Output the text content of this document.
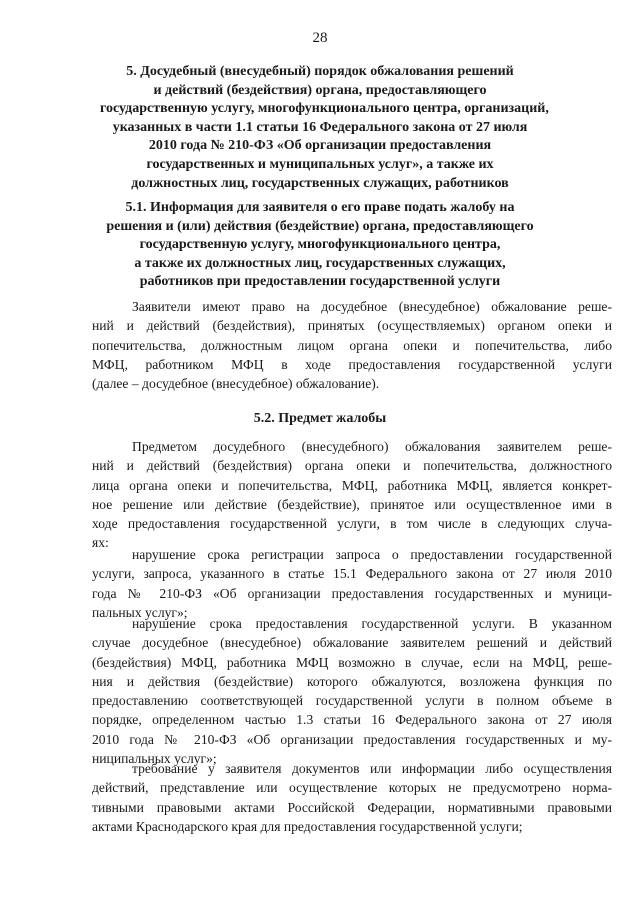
28
5. Досудебный (внесудебный) порядок обжалования решений
и действий (бездействия) органа, предоставляющего
государственную услугу, многофункционального центра, организаций,
указанных в части 1.1 статьи 16 Федерального закона от 27 июля
2010 года № 210-ФЗ «Об организации предоставления
государственных и муниципальных услуг», а также их
должностных лиц, государственных служащих, работников
5.1. Информация для заявителя о его праве подать жалобу на
решения и (или) действия (бездействие) органа, предоставляющего
государственную услугу, многофункционального центра,
а также их должностных лиц, государственных служащих,
работников при предоставлении государственной услуги
Заявители имеют право на досудебное (внесудебное) обжалование реше-
ний и действий (бездействия), принятых (осуществляемых) органом опеки и
попечительства, должностным лицом органа опеки и попечительства, либо
МФЦ, работником МФЦ в ходе предоставления государственной услуги
(далее – досудебное (внесудебное) обжалование).
5.2. Предмет жалобы
Предметом досудебного (внесудебного) обжалования заявителем реше-
ний и действий (бездействия) органа опеки и попечительства, должностного
лица органа опеки и попечительства, МФЦ, работника МФЦ, является конкрет-
ное решение или действие (бездействие), принятое или осуществленное ими в
ходе предоставления государственной услуги, в том числе в следующих случа-
ях:
нарушение срока регистрации запроса о предоставлении государственной
услуги, запроса, указанного в статье 15.1 Федерального закона от 27 июля 2010
года № 210-ФЗ «Об организации предоставления государственных и муници-
пальных услуг»;
нарушение срока предоставления государственной услуги. В указанном
случае досудебное (внесудебное) обжалование заявителем решений и действий
(бездействия) МФЦ, работника МФЦ возможно в случае, если на МФЦ, реше-
ния и действия (бездействие) которого обжалуются, возложена функция по
предоставлению соответствующей государственной услуги в полном объеме в
порядке, определенном частью 1.3 статьи 16 Федерального закона от 27 июля
2010 года № 210-ФЗ «Об организации предоставления государственных и му-
ниципальных услуг»;
требование у заявителя документов или информации либо осуществления
действий, представление или осуществление которых не предусмотрено норма-
тивными правовыми актами Российской Федерации, нормативными правовыми
актами Краснодарского края для предоставления государственной услуги;
